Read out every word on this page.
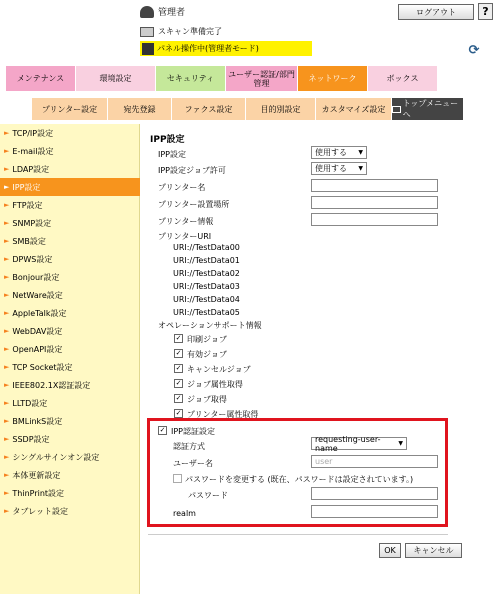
管理者	ログアウト	?
スキャン準備完了
パネル操作中(管理者モード)	⟳
メンテナンス	環境設定	セキュリティ	ユーザー認証/部門管理	ネットワーク	ボックス
プリンター設定	宛先登録	ファクス設定	目的別設定	カスタマイズ設定
トップメニューへ
► TCP/IP設定
► E-mail設定
► LDAP設定
► IPP設定
► FTP設定
► SNMP設定
► SMB設定
► DPWS設定
► Bonjour設定
► NetWare設定
► AppleTalk設定
► WebDAV設定
► OpenAPI設定
► TCP Socket設定
► IEEE802.1X認証設定
► LLTD設定
► BMLinkS設定
► SSDP設定
► シングルサインオン設定
► 本体更新設定
► ThinPrint設定
► タブレット設定
IPP設定
IPP設定	使用する ▼
IPP設定ジョブ許可	使用する ▼
プリンター名
プリンター設置場所
プリンター情報
プリンターURI
URI://TestData00
URI://TestData01
URI://TestData02
URI://TestData03
URI://TestData04
URI://TestData05
オペレーションサポート情報
✓ 印刷ジョブ
✓ 有効ジョブ
✓ キャンセルジョブ
✓ ジョブ属性取得
✓ ジョブ取得
✓ プリンター属性取得
✓ IPP認証設定
認証方式
requesting-user-name	▼
ユーザー名	user
パスワードを変更する (既在、パスワードは設定されています。)
パスワード
realm
OK	キャンセル
